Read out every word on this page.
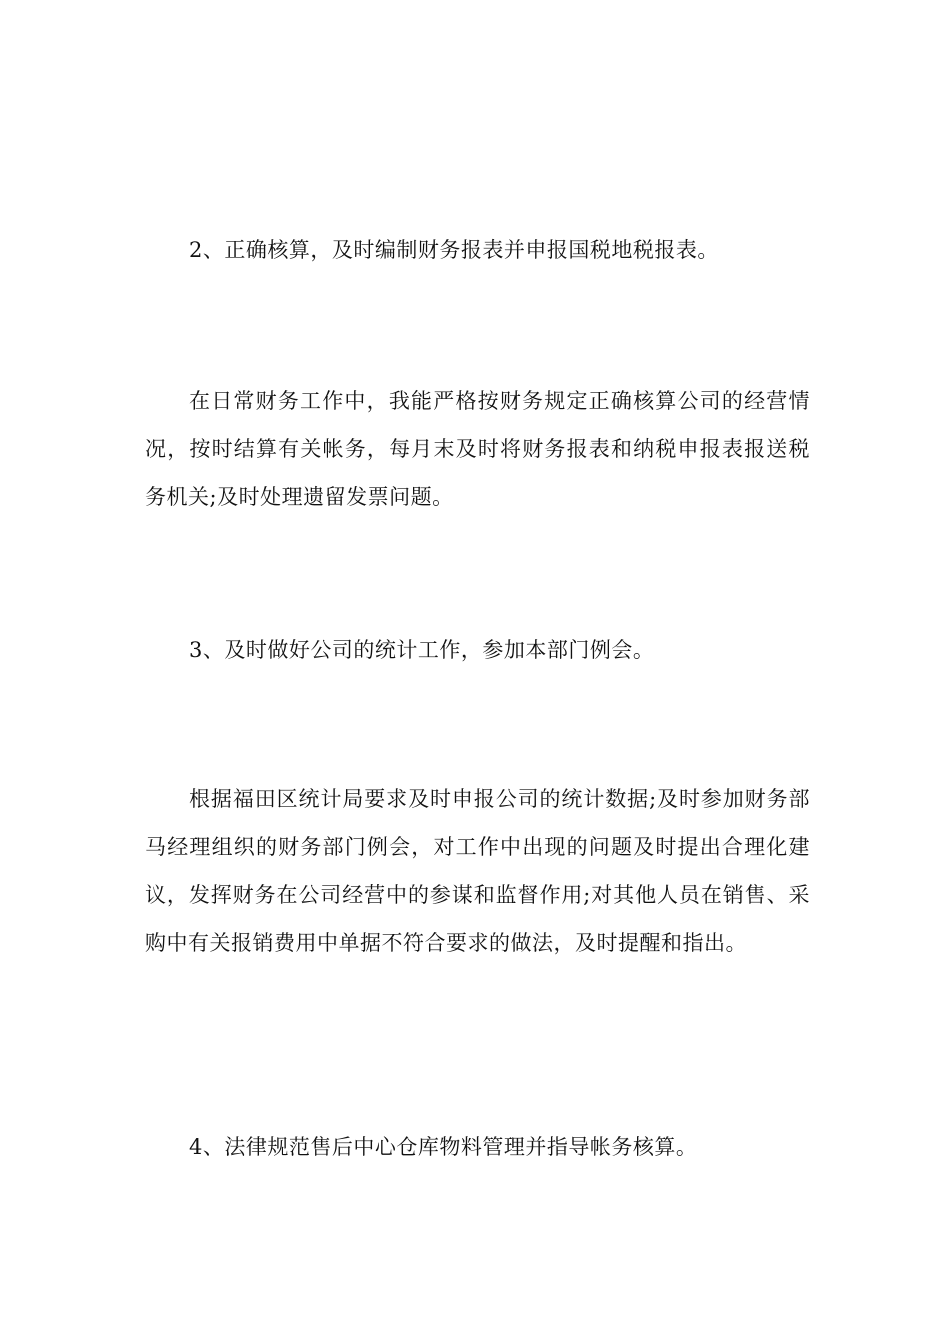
2、正确核算，及时编制财务报表并申报国税地税报表。

在日常财务工作中，我能严格按财务规定正确核算公司的经营情况，按时结算有关帐务，每月末及时将财务报表和纳税申报表报送税务机关;及时处理遗留发票问题。

3、及时做好公司的统计工作，参加本部门例会。

根据福田区统计局要求及时申报公司的统计数据;及时参加财务部马经理组织的财务部门例会，对工作中出现的问题及时提出合理化建议，发挥财务在公司经营中的参谋和监督作用;对其他人员在销售、采购中有关报销费用中单据不符合要求的做法，及时提醒和指出。

4、法律规范售后中心仓库物料管理并指导帐务核算。
